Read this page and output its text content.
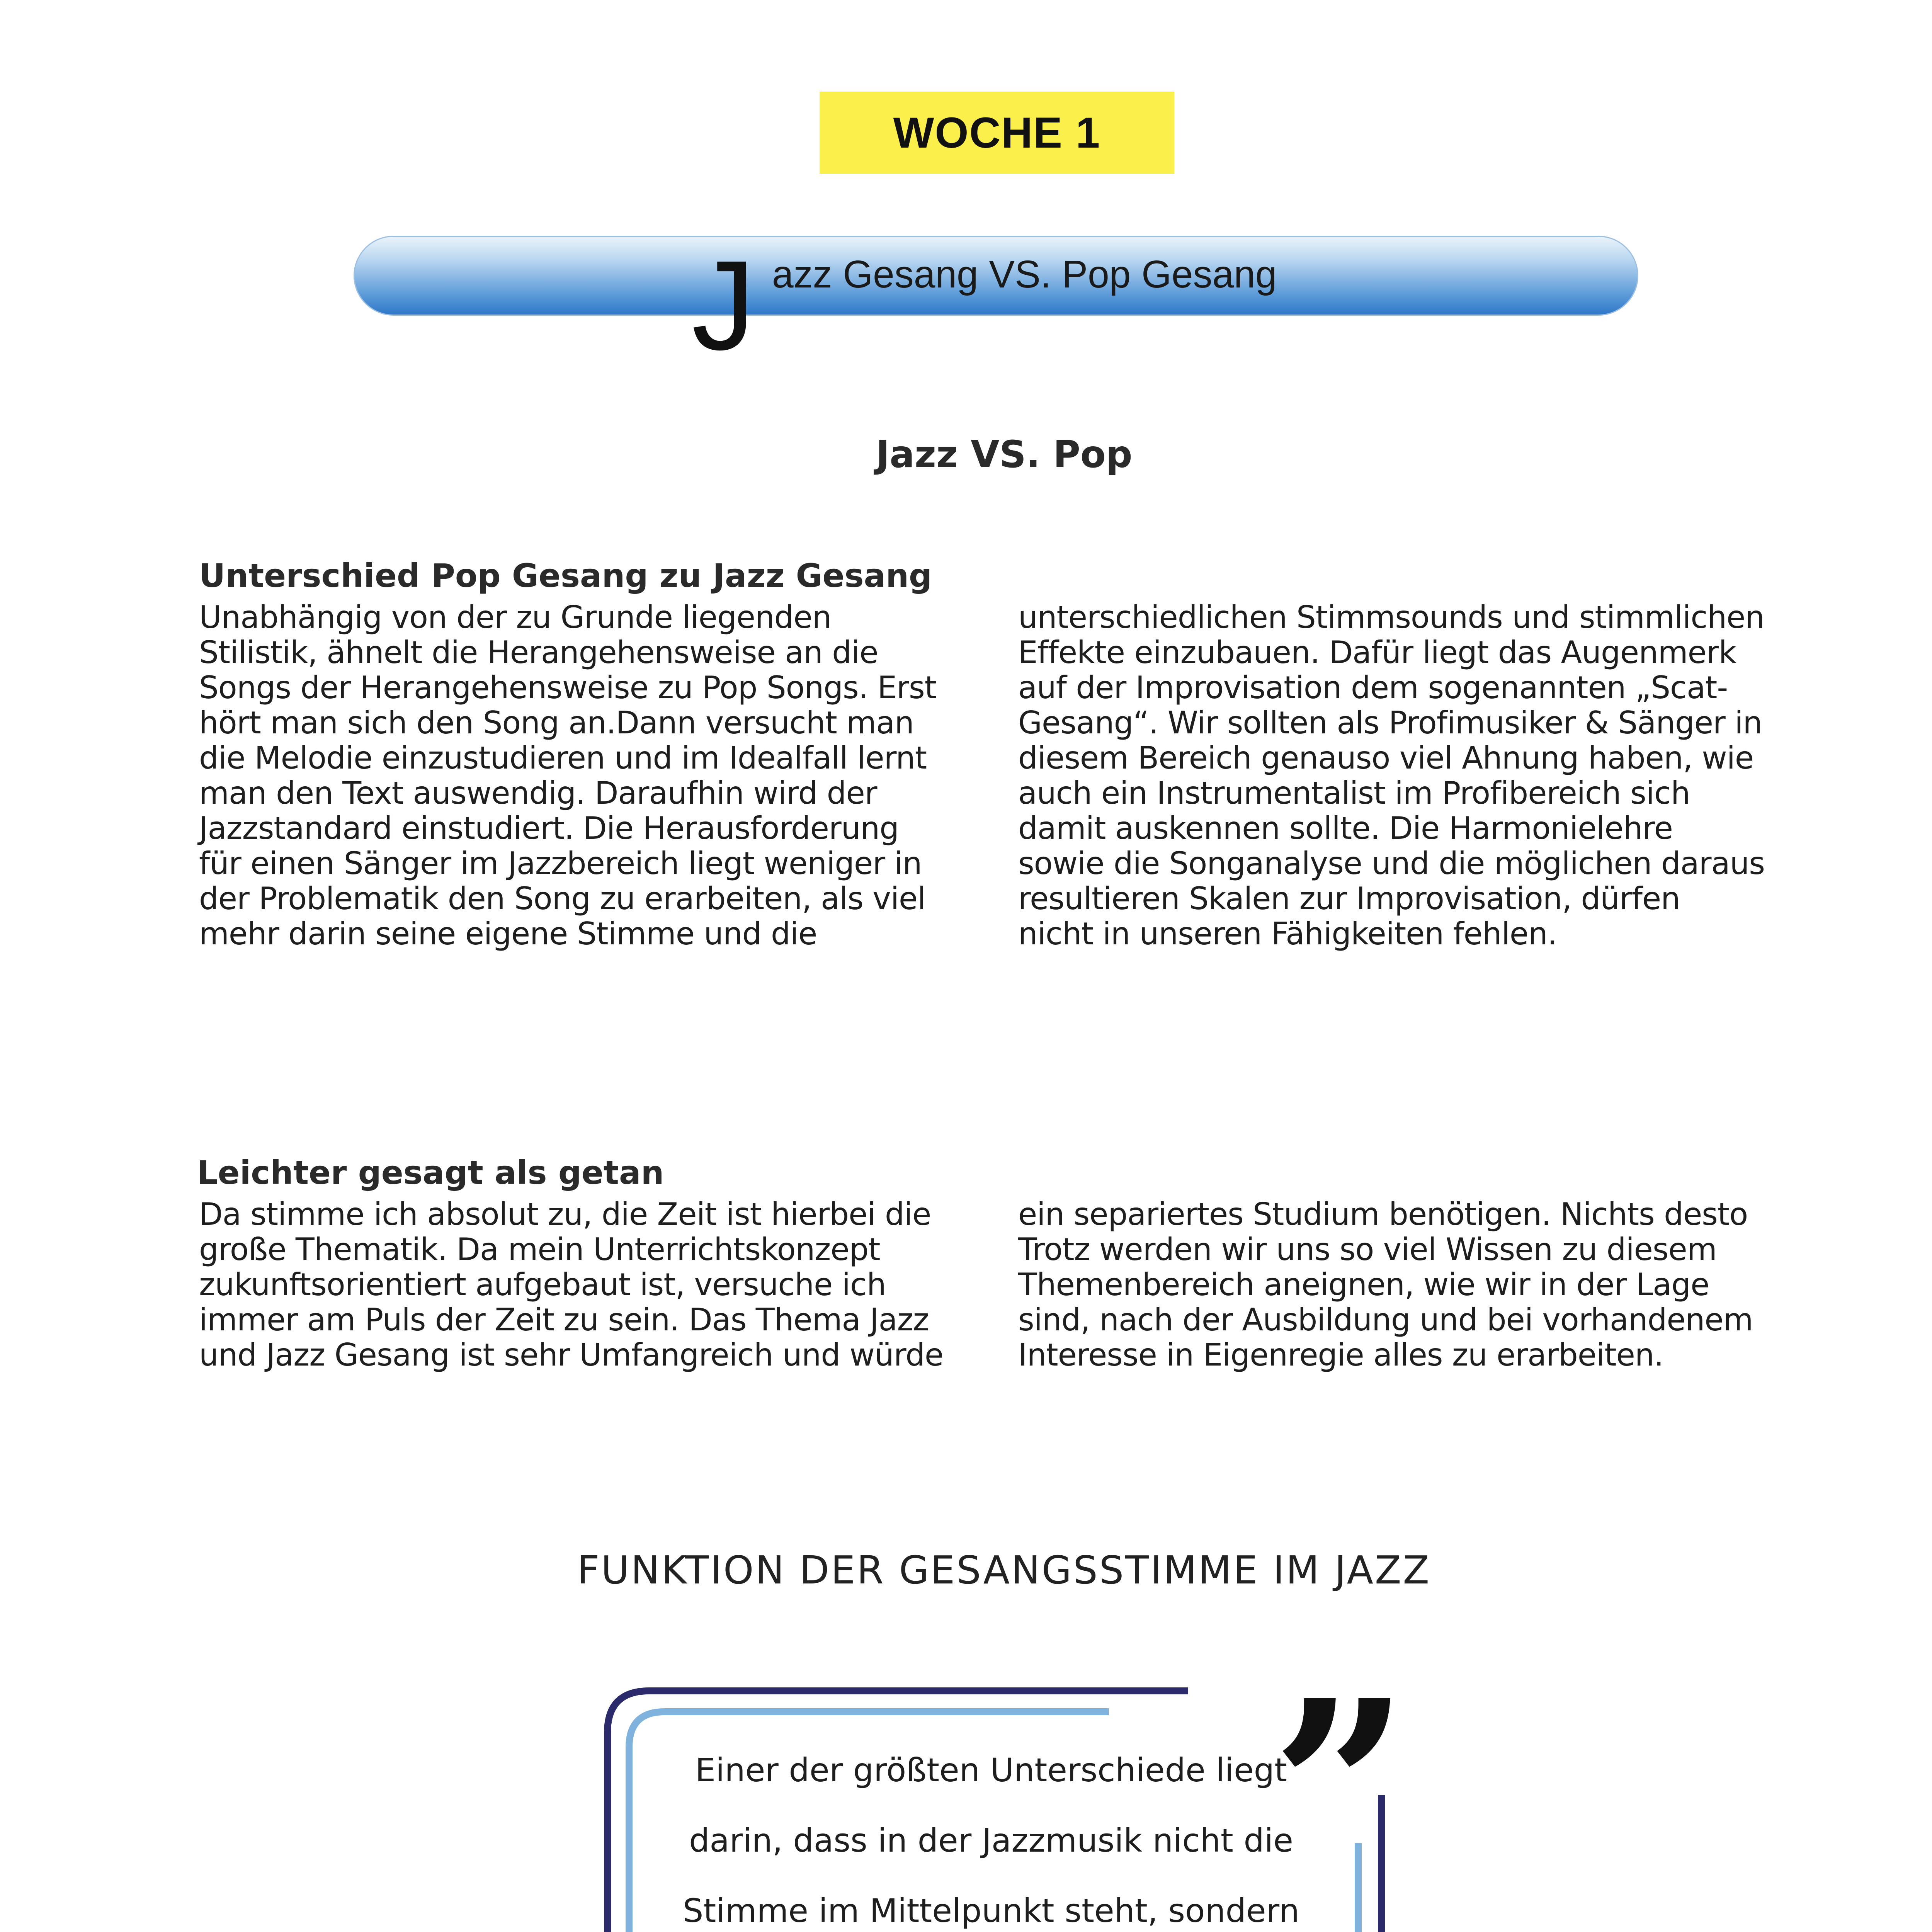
WOCHE 1
J azz Gesang VS. Pop Gesang
Jazz VS. Pop
Unterschied Pop Gesang zu Jazz Gesang

Unabhängig von der zu Grunde liegenden

Stilistik, ähnelt die Herangehensweise an die

Songs der Herangehensweise zu Pop Songs. Erst

hört man sich den Song an.Dann versucht man

die Melodie einzustudieren und im Idealfall lernt

man den Text auswendig. Daraufhin wird der

Jazzstandard einstudiert. Die Herausforderung

für einen Sänger im Jazzbereich liegt weniger in

der Problematik den Song zu erarbeiten, als viel

mehr darin seine eigene Stimme und die

unterschiedlichen Stimmsounds und stimmlichen

Effekte einzubauen. Dafür liegt das Augenmerk

auf der Improvisation dem sogenannten „Scat-

Gesang“. Wir sollten als Profimusiker & Sänger in

diesem Bereich genauso viel Ahnung haben, wie

auch ein Instrumentalist im Profibereich sich

damit auskennen sollte. Die Harmonielehre

sowie die Songanalyse und die möglichen daraus

resultieren Skalen zur Improvisation, dürfen

nicht in unseren Fähigkeiten fehlen.

Leichter gesagt als getan

Da stimme ich absolut zu, die Zeit ist hierbei die

große Thematik. Da mein Unterrichtskonzept

zukunftsorientiert aufgebaut ist, versuche ich

immer am Puls der Zeit zu sein. Das Thema Jazz

und Jazz Gesang ist sehr Umfangreich und würde

ein separiertes Studium benötigen. Nichts desto

Trotz werden wir uns so viel Wissen zu diesem

Themenbereich aneignen, wie wir in der Lage

sind, nach der Ausbildung und bei vorhandenem

Interesse in Eigenregie alles zu erarbeiten.

FUNKTION DER GESANGSSTIMME IM JAZZ
”
Einer der größten Unterschiede liegt
darin, dass in der Jazzmusik nicht die
Stimme im Mittelpunkt steht, sondern
